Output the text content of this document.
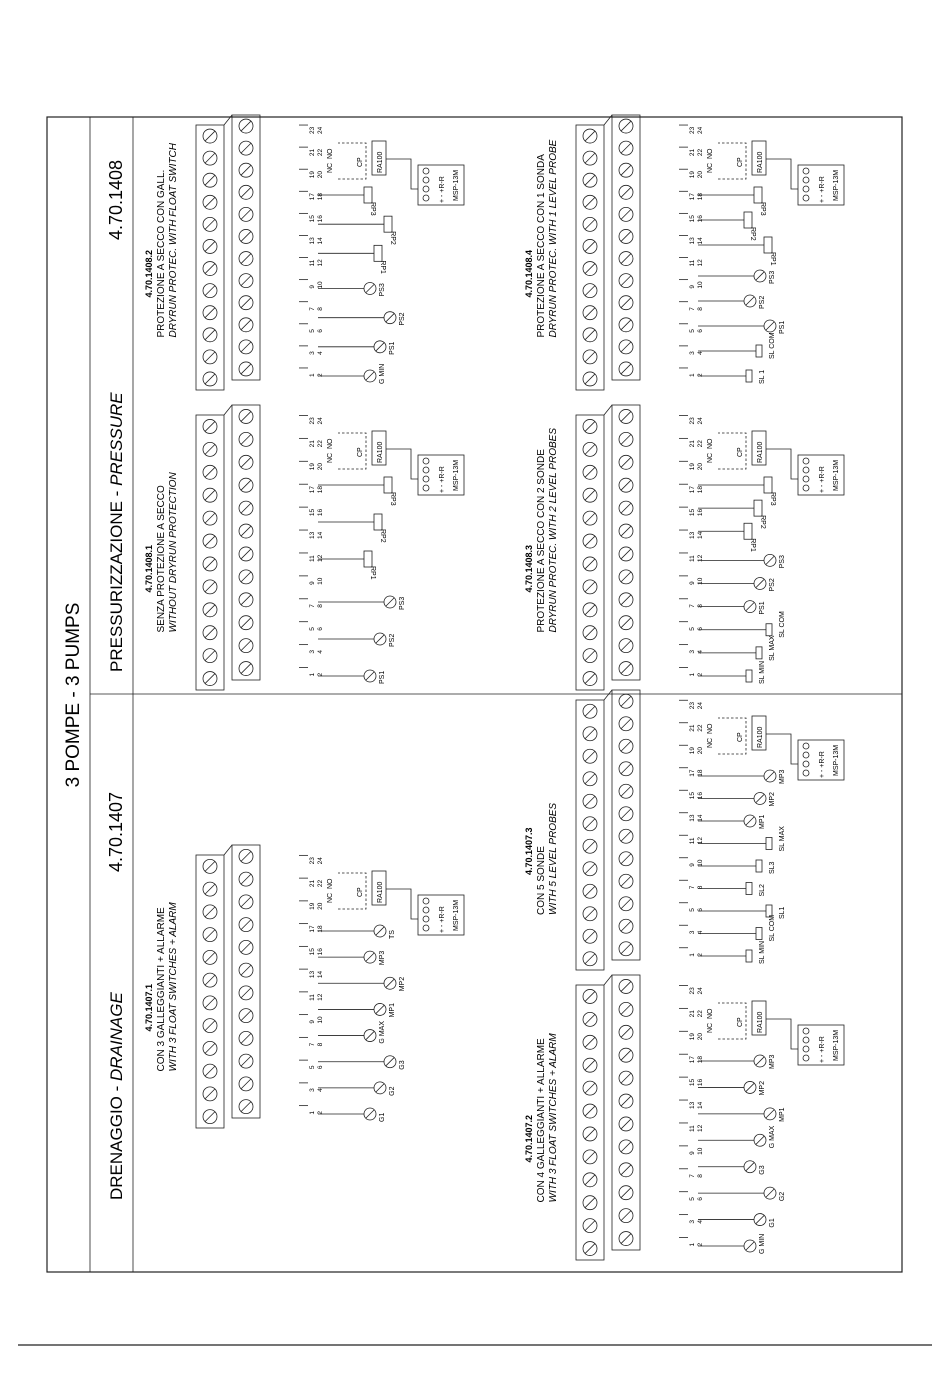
3 POMPE - 3 PUMPS
DRENAGGIO - DRAINAGE
4.70.1407
PRESSURIZZAZIONE - PRESSURE
4.70.1408
4.70.1407.1 CON 3 GALLEGGIANTI + ALLARME WITH 3 FLOAT SWITCHES + ALARM
1 2
3 4
5 6
7 8
9 10
11 12
13 14
15 16
17 18
19 20
21 22
23 24
NC
NO
CP RA100
+ - +R-R MSP-13M
G1
G2
G3
G MAX
MP1
MP2
MP3
TS
4.70.1407.2 CON 4 GALLEGGIANTI + ALLARME WITH 3 FLOAT SWITCHES + ALARM
1 2
3 4
5 6
7 8
9 10
11 12
13 14
15 16
17 18
19 20
21 22
23 24
NC
NO
CP RA100
+ - +R-R MSP-13M
G MIN
G1
G2
G3
G MAX
MP1
MP2
MP3
4.70.1407.3 CON 5 SONDE WITH 5 LEVEL PROBES
1 2
3 4
5 6
7 8
9 10
11 12
13 14
15 16
17 18
19 20
21 22
23 24
NC
NO
CP RA100
+ - +R-R MSP-13M
SL MIN
SL COM
SL1
SL2
SL3
SL MAX
MP1
MP2
MP3
4.70.1408.1 SENZA PROTEZIONE A SECCO WITHOUT DRYRUN PROTECTION
1 2
3 4
5 6
7 8
9 10
11 12
13 14
15 16
17 18
19 20
21 22
23 24
NC
NO
CP RA100
+ - +R-R MSP-13M
PS1
PS2
PS3
RP1
RP2
RP3
4.70.1408.2 PROTEZIONE A SECCO CON GALL. DRYRUN PROTEC. WITH FLOAT SWITCH
1 2
3 4
5 6
7 8
9 10
11 12
13 14
15 16
17 18
19 20
21 22
23 24
NC
NO
CP RA100
+ - +R-R MSP-13M
G MIN
PS1
PS2
PS3
RP1
RP2
RP3
4.70.1408.3 PROTEZIONE A SECCO CON 2 SONDE DRYRUN PROTEC. WITH 2 LEVEL PROBES
1 2
3 4
5 6
7 8
9 10
11 12
13 14
15 16
17 18
19 20
21 22
23 24
NC
NO
CP RA100
+ - +R-R MSP-13M
SL MIN
SL MAX
SL COM
PS1
PS2
PS3
RP1
RP2
RP3
4.70.1408.4 PROTEZIONE A SECCO CON 1 SONDA DRYRUN PROTEC. WITH 1 LEVEL PROBE
1 2
3 4
5 6
7 8
9 10
11 12
13 14
15 16
17 18
19 20
21 22
23 24
NC
NO
CP RA100
+ - +R-R MSP-13M
SL 1
SL COM
PS1
PS2
PS3
RP1
RP2
RP3
